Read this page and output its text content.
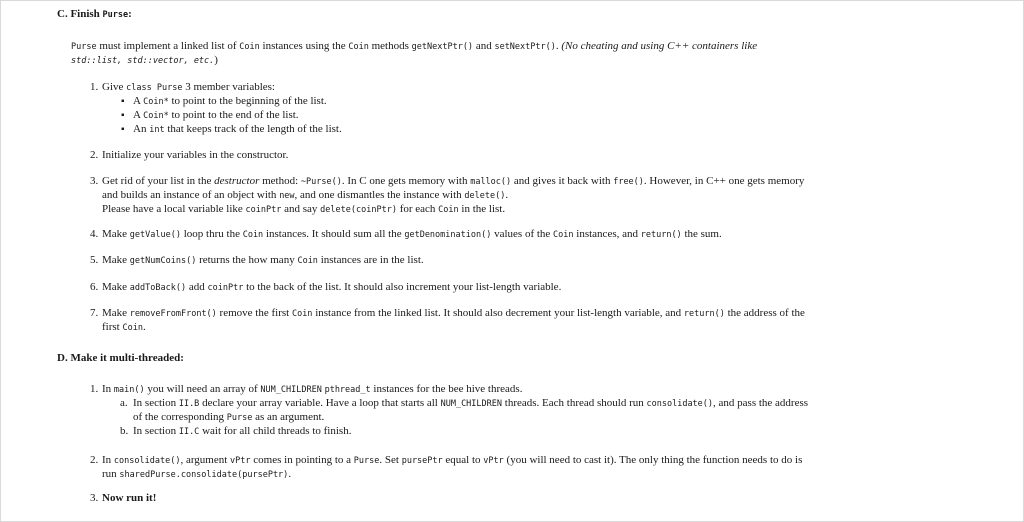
C. Finish Purse:
Purse must implement a linked list of Coin instances using the Coin methods getNextPtr() and setNextPtr(). (No cheating and using C++ containers like
std::list, std::vector, etc.)
1. Give class Purse 3 member variables:
▪ A Coin* to point to the beginning of the list.
▪ A Coin* to point to the end of the list.
▪ An int that keeps track of the length of the list.
2. Initialize your variables in the constructor.
3. Get rid of your list in the destructor method: ~Purse(). In C one gets memory with malloc() and gives it back with free(). However, in C++ one gets memory
and builds an instance of an object with new, and one dismantles the instance with delete().
Please have a local variable like coinPtr and say delete(coinPtr) for each Coin in the list.
4. Make getValue() loop thru the Coin instances. It should sum all the getDenomination() values of the Coin instances, and return() the sum.
5. Make getNumCoins() returns the how many Coin instances are in the list.
6. Make addToBack() add coinPtr to the back of the list. It should also increment your list-length variable.
7. Make removeFromFront() remove the first Coin instance from the linked list. It should also decrement your list-length variable, and return() the address of the
first Coin.
D. Make it multi-threaded:
1. In main() you will need an array of NUM_CHILDREN pthread_t instances for the bee hive threads.
a. In section II.B declare your array variable. Have a loop that starts all NUM_CHILDREN threads. Each thread should run consolidate(), and pass the address
of the corresponding Purse as an argument.
b. In section II.C wait for all child threads to finish.
2. In consolidate(), argument vPtr comes in pointing to a Purse. Set pursePtr equal to vPtr (you will need to cast it). The only thing the function needs to do is
run sharedPurse.consolidate(pursePtr).
3. Now run it!
